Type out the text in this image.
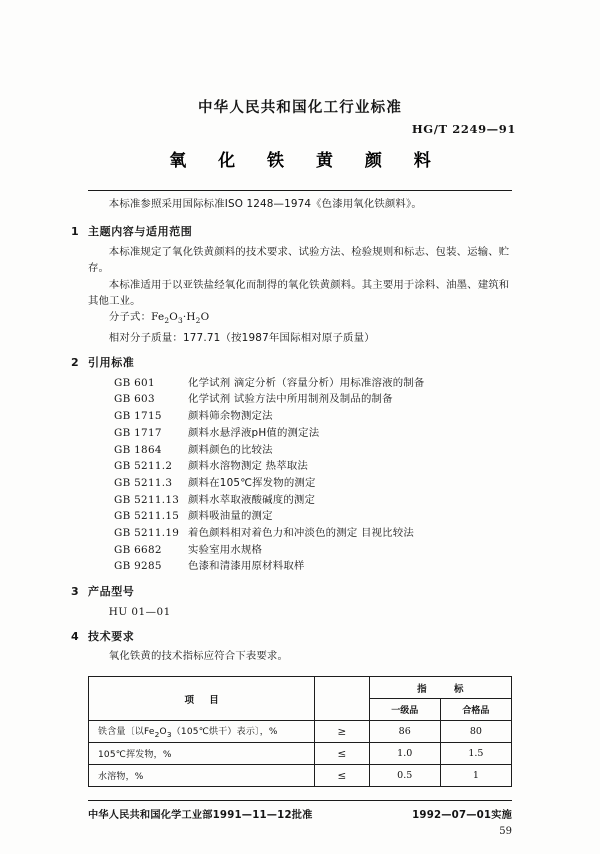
中华人民共和国化工行业标准
HG/T 2249—91
氧 化 铁 黄 颜 料

本标准参照采用国际标准ISO 1248—1974《色漆用氧化铁颜料》。

1 主题内容与适用范围

本标准规定了氧化铁黄颜料的技术要求、试验方法、检验规则和标志、包装、运输、贮存。

本标准适用于以亚铁盐经氧化而制得的氧化铁黄颜料。其主要用于涂料、油墨、建筑和其他工业。

分子式：$Fe_2O_3\cdot H_2O$

相对分子质量：177.71（按1987年国际相对原子质量）

2 引用标准
GB 601	化学试剂 滴定分析（容量分析）用标准溶液的制备
GB 603	化学试剂 试验方法中所用制剂及制品的制备
GB 1715	颜料筛余物测定法
GB 1717	颜料水悬浮液pH值的测定法
GB 1864	颜料颜色的比较法
GB 5211.2 颜料水溶物测定 热萃取法
GB 5211.3 颜料在105℃挥发物的测定
GB 5211.13 颜料水萃取液酸碱度的测定
GB 5211.15 颜料吸油量的测定
GB 5211.19 着色颜料相对着色力和冲淡色的测定 目视比较法
GB 6682	实验室用水规格
GB 9285	色漆和清漆用原材料取样
3 产品型号

HU 01—01

4 技术要求

氧化铁黄的技术指标应符合下表要求。

项 目		指 标	
		一级品	合格品
铁含量〔以$Fe_2O_3(105℃$烘干）表示〕，%	≥	86	80
105℃挥发物，%	≤	1.0	1.5
水溶物，%	≤	0.5	1
中华人民共和国化学工业部1991—11—12批准	1992—07—01实施
59
